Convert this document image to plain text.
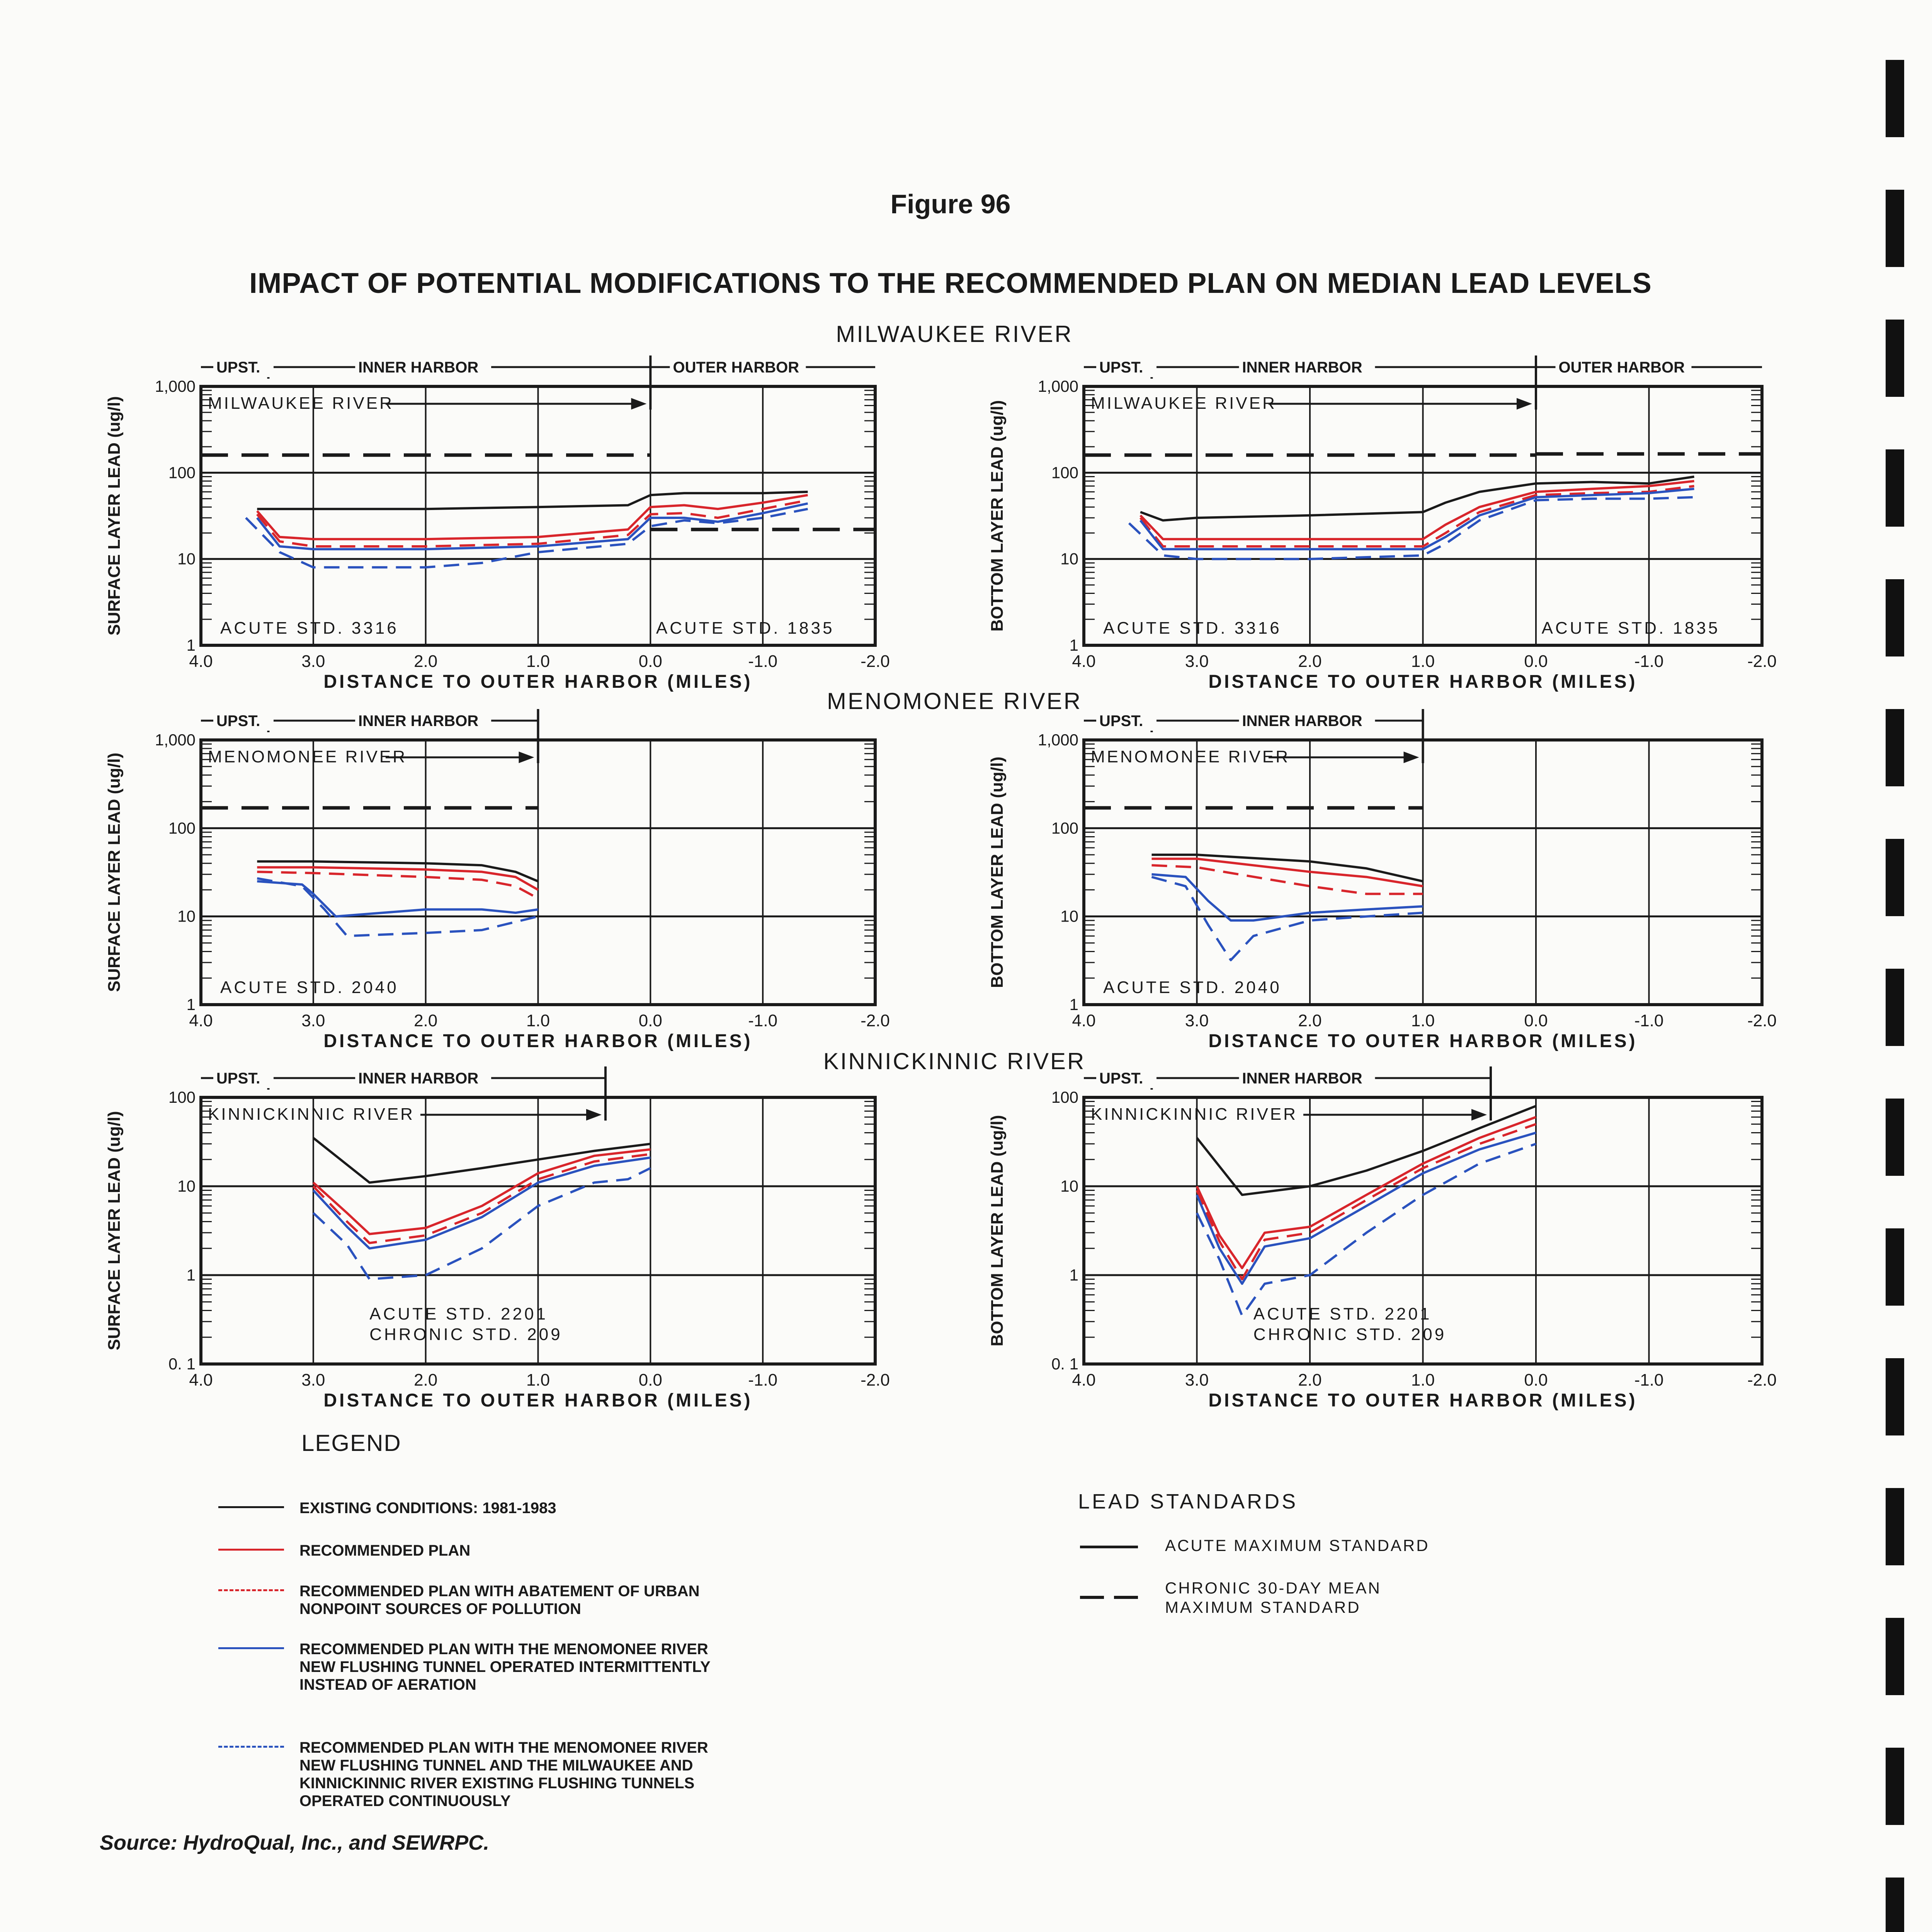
Figure 96
IMPACT OF POTENTIAL MODIFICATIONS TO THE RECOMMENDED PLAN ON MEDIAN LEAD LEVELS
MILWAUKEE RIVER
MENOMONEE RIVER
KINNICKINNIC RIVER
1,000
100
10
1
4.0	3.0	2.0	1.0	0.0	-1.0	-2.0
DISTANCE TO OUTER HARBOR (MILES)
SURFACE LAYER LEAD (ug/l)
UPST.	INNER HARBOR	OUTER HARBOR
MILWAUKEE RIVER
ACUTE STD. 3316	ACUTE STD. 1835
1,000
100
10
1
4.0	3.0	2.0	1.0	0.0	-1.0	-2.0
DISTANCE TO OUTER HARBOR (MILES)
BOTTOM LAYER LEAD (ug/l)
UPST.	INNER HARBOR	OUTER HARBOR
MILWAUKEE RIVER
ACUTE STD. 3316	ACUTE STD. 1835
1,000
100
10
1
4.0	3.0	2.0	1.0	0.0	-1.0	-2.0
DISTANCE TO OUTER HARBOR (MILES)
SURFACE LAYER LEAD (ug/l)
UPST.	INNER HARBOR
MENOMONEE RIVER
ACUTE STD. 2040
1,000
100
10
1
4.0	3.0	2.0	1.0	0.0	-1.0	-2.0
DISTANCE TO OUTER HARBOR (MILES)
BOTTOM LAYER LEAD (ug/l)
UPST.	INNER HARBOR
MENOMONEE RIVER
ACUTE STD. 2040
100
10
1
0. 1
4.0	3.0	2.0	1.0	0.0	-1.0	-2.0
DISTANCE TO OUTER HARBOR (MILES)
SURFACE LAYER LEAD (ug/l)
UPST.	INNER HARBOR
KINNICKINNIC RIVER
ACUTE STD. 2201
CHRONIC STD. 209
100
10
1
0. 1
4.0	3.0	2.0	1.0	0.0	-1.0	-2.0
DISTANCE TO OUTER HARBOR (MILES)
BOTTOM LAYER LEAD (ug/l)
UPST.	INNER HARBOR
KINNICKINNIC RIVER
ACUTE STD. 2201
CHRONIC STD. 209
LEGEND
EXISTING CONDITIONS: 1981-1983
RECOMMENDED PLAN
RECOMMENDED PLAN WITH ABATEMENT OF URBAN NONPOINT SOURCES OF POLLUTION
RECOMMENDED PLAN WITH THE MENOMONEE RIVER NEW FLUSHING TUNNEL OPERATED INTERMITTENTLY INSTEAD OF AERATION
RECOMMENDED PLAN WITH THE MENOMONEE RIVER NEW FLUSHING TUNNEL AND THE MILWAUKEE AND KINNICKINNIC RIVER EXISTING FLUSHING TUNNELS OPERATED CONTINUOUSLY
LEAD STANDARDS
ACUTE MAXIMUM STANDARD
CHRONIC 30-DAY MEAN MAXIMUM STANDARD
Source: HydroQual, Inc., and SEWRPC.
